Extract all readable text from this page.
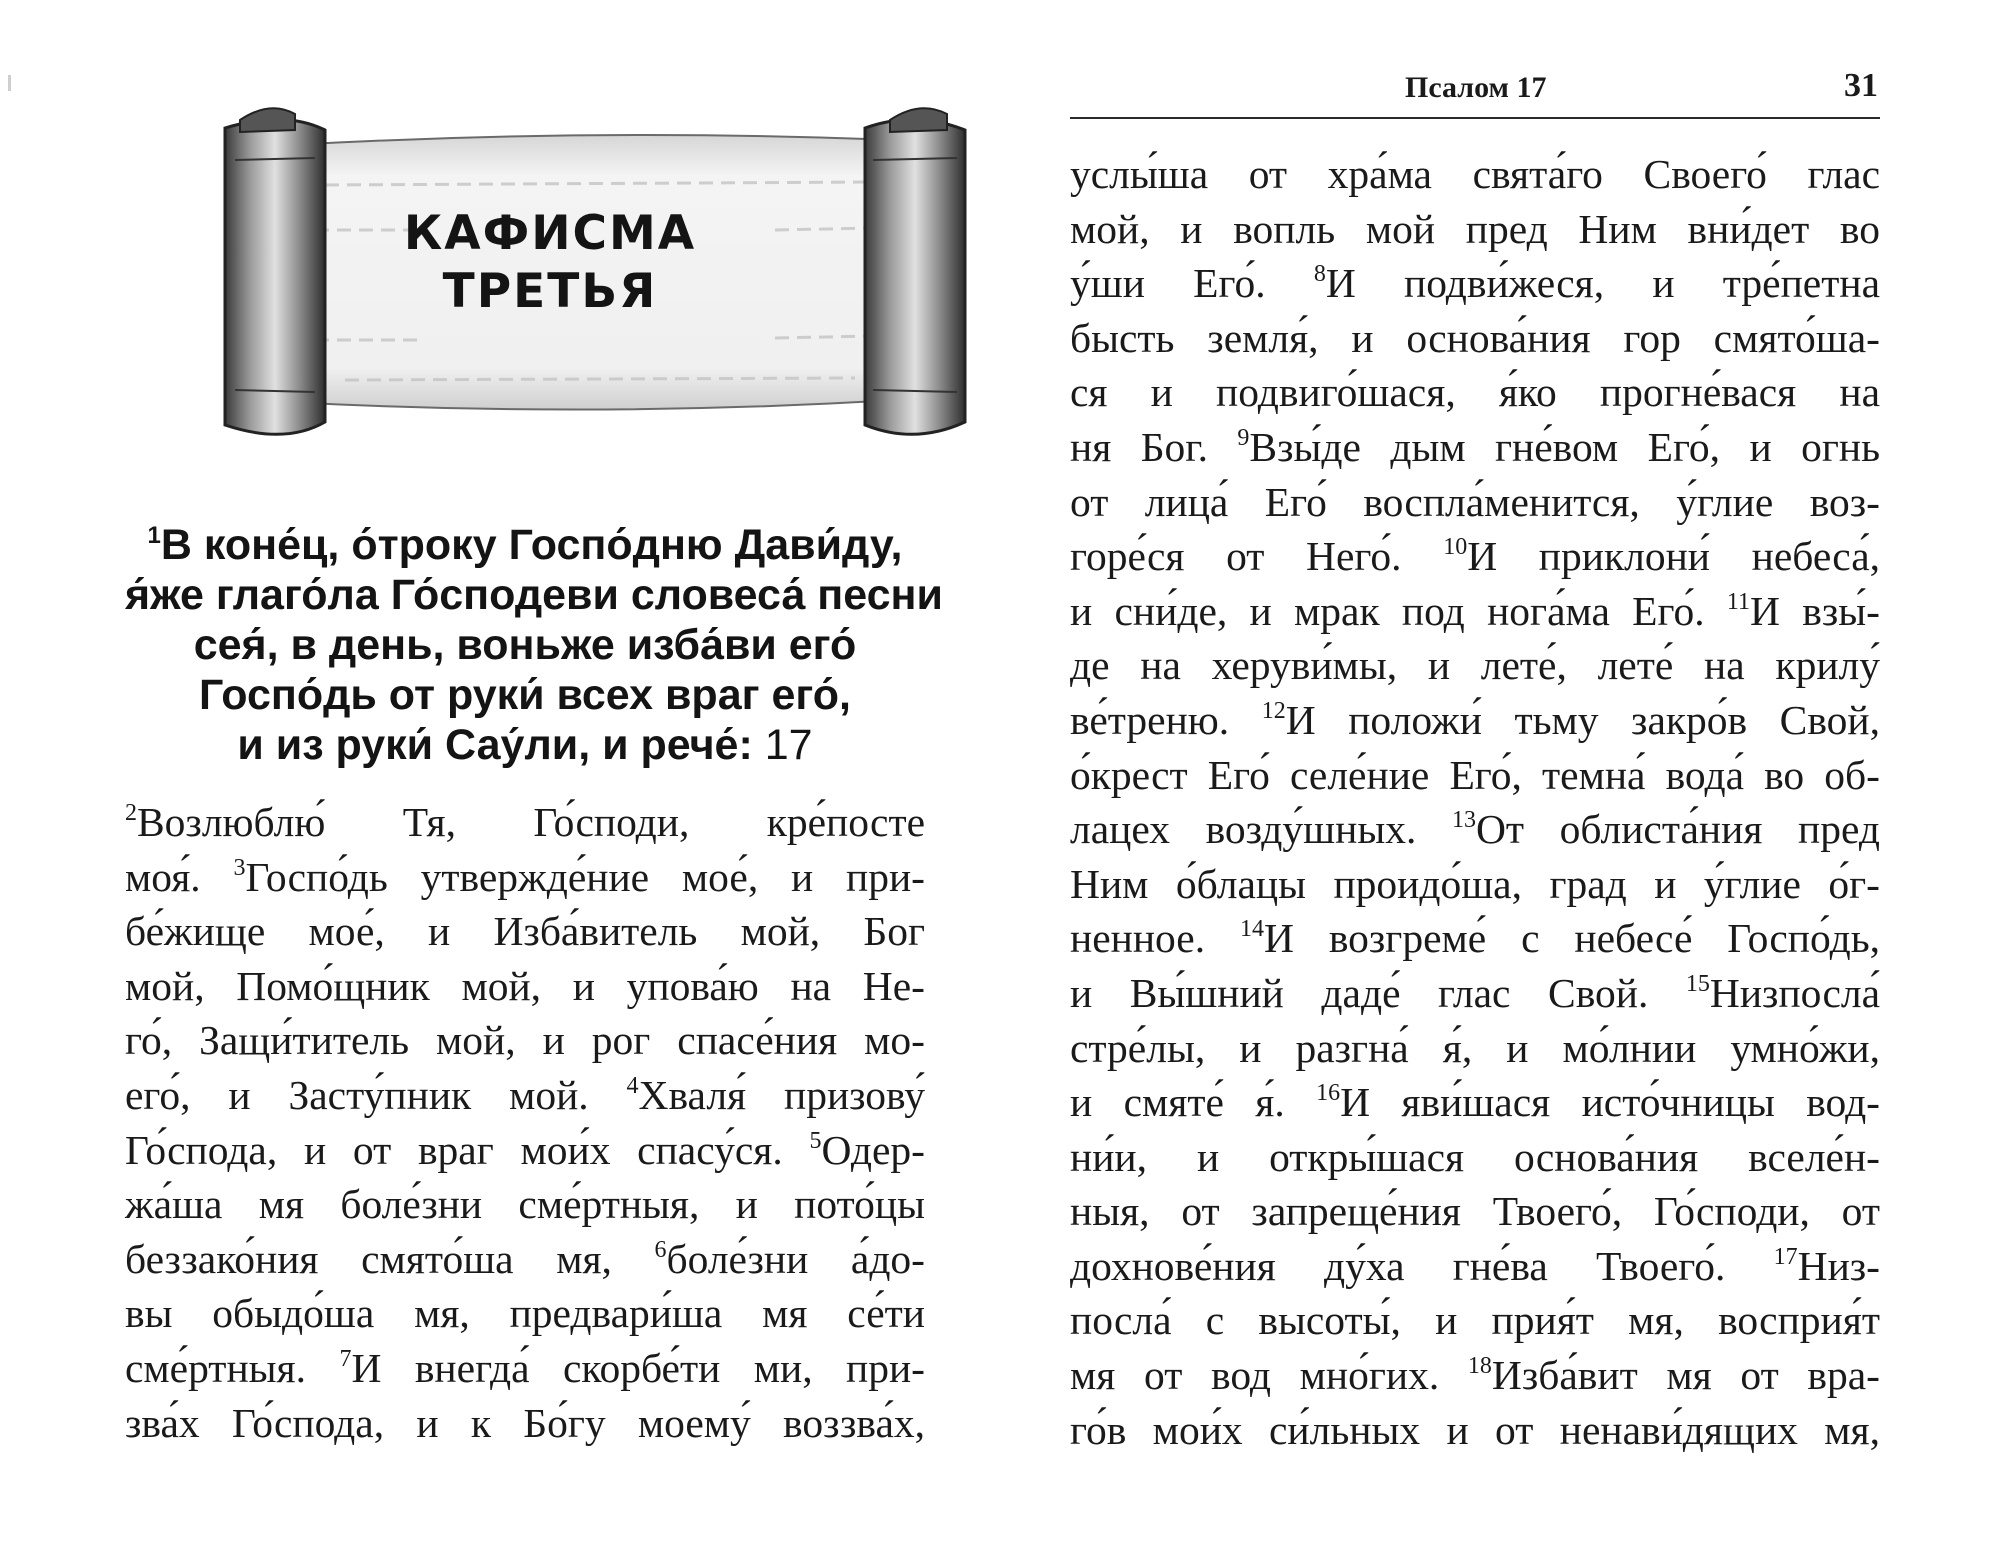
КАФИСМА
ТРЕТЬЯ
$^1$В коне́ц, о́троку Госпо́дню Дави́ду,
я́же глаго́ла Го́сподеви словеса́ песни
сея́, в день, воньже изба́ви его́
Госпо́дь от руки́ всех враг его́,
и из руки́ Сау́ли, и рече́: 17
$^2$Возлюблю́ Тя, Го́споди, кре́посте
моя́. $^3$Госпо́дь утвержде́ние мое́, и при-
бе́жище мое́, и Изба́витель мой, Бог
мой, Помо́щник мой, и упова́ю на Не-
го́, Защи́титель мой, и рог спасе́ния мо-
его́, и Засту́пник мой. $^4$Хваля́ призову́
Го́спода, и от враг мои́х спасу́ся. $^5$Одер-
жа́ша мя боле́зни сме́ртныя, и пото́цы
беззако́ния смято́ша мя, $^6$боле́зни а́до-
вы обыдо́ша мя, предвари́ша мя се́ти
сме́ртныя. $^7$И внегда́ скорбе́ти ми, при-
зва́х Го́спода, и к Бо́гу моему́ воззва́х,
Псалом 17	31
услы́ша от хра́ма свята́го Своего́ глас
мой, и вопль мой пред Ним вни́дет во
у́ши Его́. $^8$И подви́жеся, и тре́петна
бысть земля́, и основа́ния гор смято́ша-
ся и подвиго́шася, я́ко прогне́вася на
ня Бог. $^9$Взы́де дым гне́вом Его́, и огнь
от лица́ Его́ воспла́менится, у́глие воз-
горе́ся от Него́. $^{10}$И приклони́ небеса́,
и сни́де, и мрак под нога́ма Его́. $^{11}$И взы́-
де на херуви́мы, и лете́, лете́ на крилу́
ве́треню. $^{12}$И положи́ тьму закро́в Свой,
о́крест Его́ селе́ние Его́, темна́ вода́ во об-
лацех возду́шных. $^{13}$От облиста́ния пред
Ним о́блацы проидо́ша, град и у́глие о́г-
ненное. $^{14}$И возгреме́ с небесе́ Госпо́дь,
и Вы́шний даде́ глас Свой. $^{15}$Низпосла́
стре́лы, и разгна́ я́, и мо́лнии умно́жи,
и смяте́ я́. $^{16}$И яви́шася исто́чницы вод-
ни́и, и откры́шася основа́ния вселе́н-
ныя, от запреще́ния Твоего́, Го́споди, от
дохнове́ния ду́ха гне́ва Твоего́. $^{17}$Низ-
посла́ с высоты́, и прия́т мя, восприя́т
мя от вод мно́гих. $^{18}$Изба́вит мя от вра-
го́в мои́х си́льных и от ненави́дящих мя,
